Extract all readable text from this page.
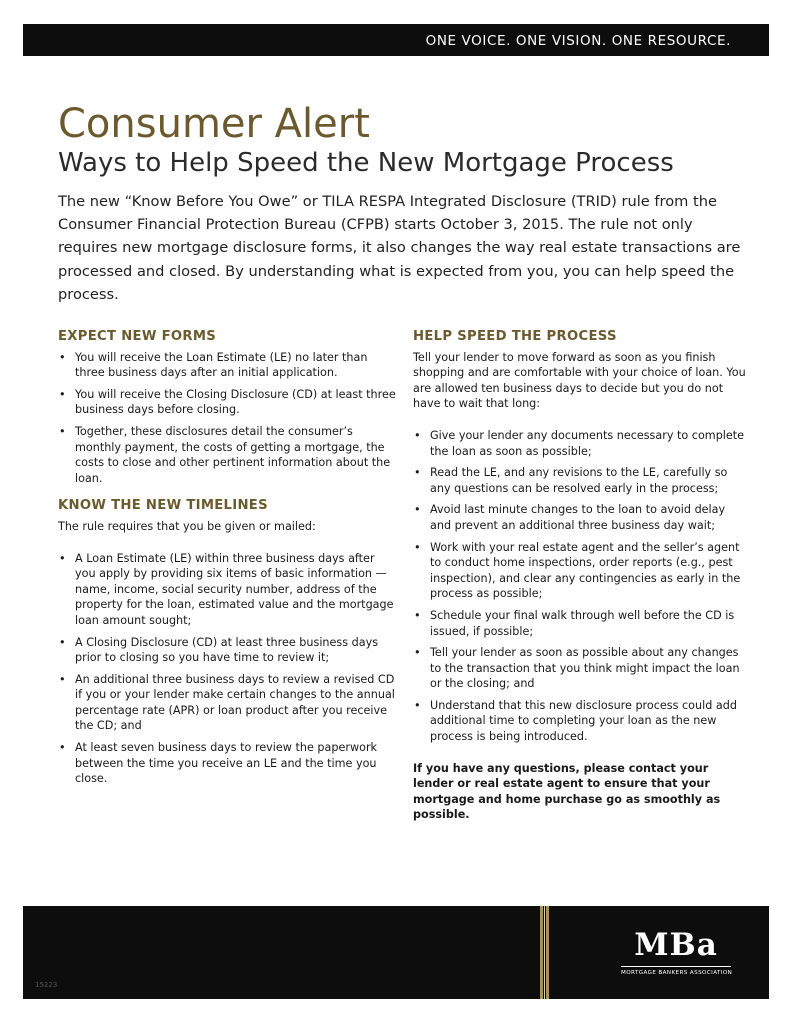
ONE VOICE. ONE VISION. ONE RESOURCE.
Consumer Alert
Ways to Help Speed the New Mortgage Process

The new “Know Before You Owe” or TILA RESPA Integrated Disclosure (TRID) rule from the Consumer Financial Protection Bureau (CFPB) starts October 3, 2015. The rule not only requires new mortgage disclosure forms, it also changes the way real estate transactions are processed and closed. By understanding what is expected from you, you can help speed the process.

EXPECT NEW FORMS
• You will receive the Loan Estimate (LE) no later than three business days after an initial application.
• You will receive the Closing Disclosure (CD) at least three business days before closing.
• Together, these disclosures detail the consumer’s monthly payment, the costs of getting a mortgage, the costs to close and other pertinent information about the loan.
KNOW THE NEW TIMELINES

The rule requires that you be given or mailed:

• A Loan Estimate (LE) within three business days after you apply by providing six items of basic information — name, income, social security number, address of the property for the loan, estimated value and the mortgage loan amount sought;
• A Closing Disclosure (CD) at least three business days prior to closing so you have time to review it;
• An additional three business days to review a revised CD if you or your lender make certain changes to the annual percentage rate (APR) or loan product after you receive the CD; and
• At least seven business days to review the paperwork between the time you receive an LE and the time you close.
HELP SPEED THE PROCESS

Tell your lender to move forward as soon as you finish shopping and are comfortable with your choice of loan. You are allowed ten business days to decide but you do not have to wait that long:

• Give your lender any documents necessary to complete the loan as soon as possible;
• Read the LE, and any revisions to the LE, carefully so any questions can be resolved early in the process;
• Avoid last minute changes to the loan to avoid delay and prevent an additional three business day wait;
• Work with your real estate agent and the seller’s agent to conduct home inspections, order reports (e.g., pest inspection), and clear any contingencies as early in the process as possible;
• Schedule your final walk through well before the CD is issued, if possible;
• Tell your lender as soon as possible about any changes to the transaction that you think might impact the loan or the closing; and
• Understand that this new disclosure process could add additional time to completing your loan as the new process is being introduced.

If you have any questions, please contact your lender or real estate agent to ensure that your mortgage and home purchase go as smoothly as possible.

MBa
MORTGAGE BANKERS ASSOCIATION
15223
